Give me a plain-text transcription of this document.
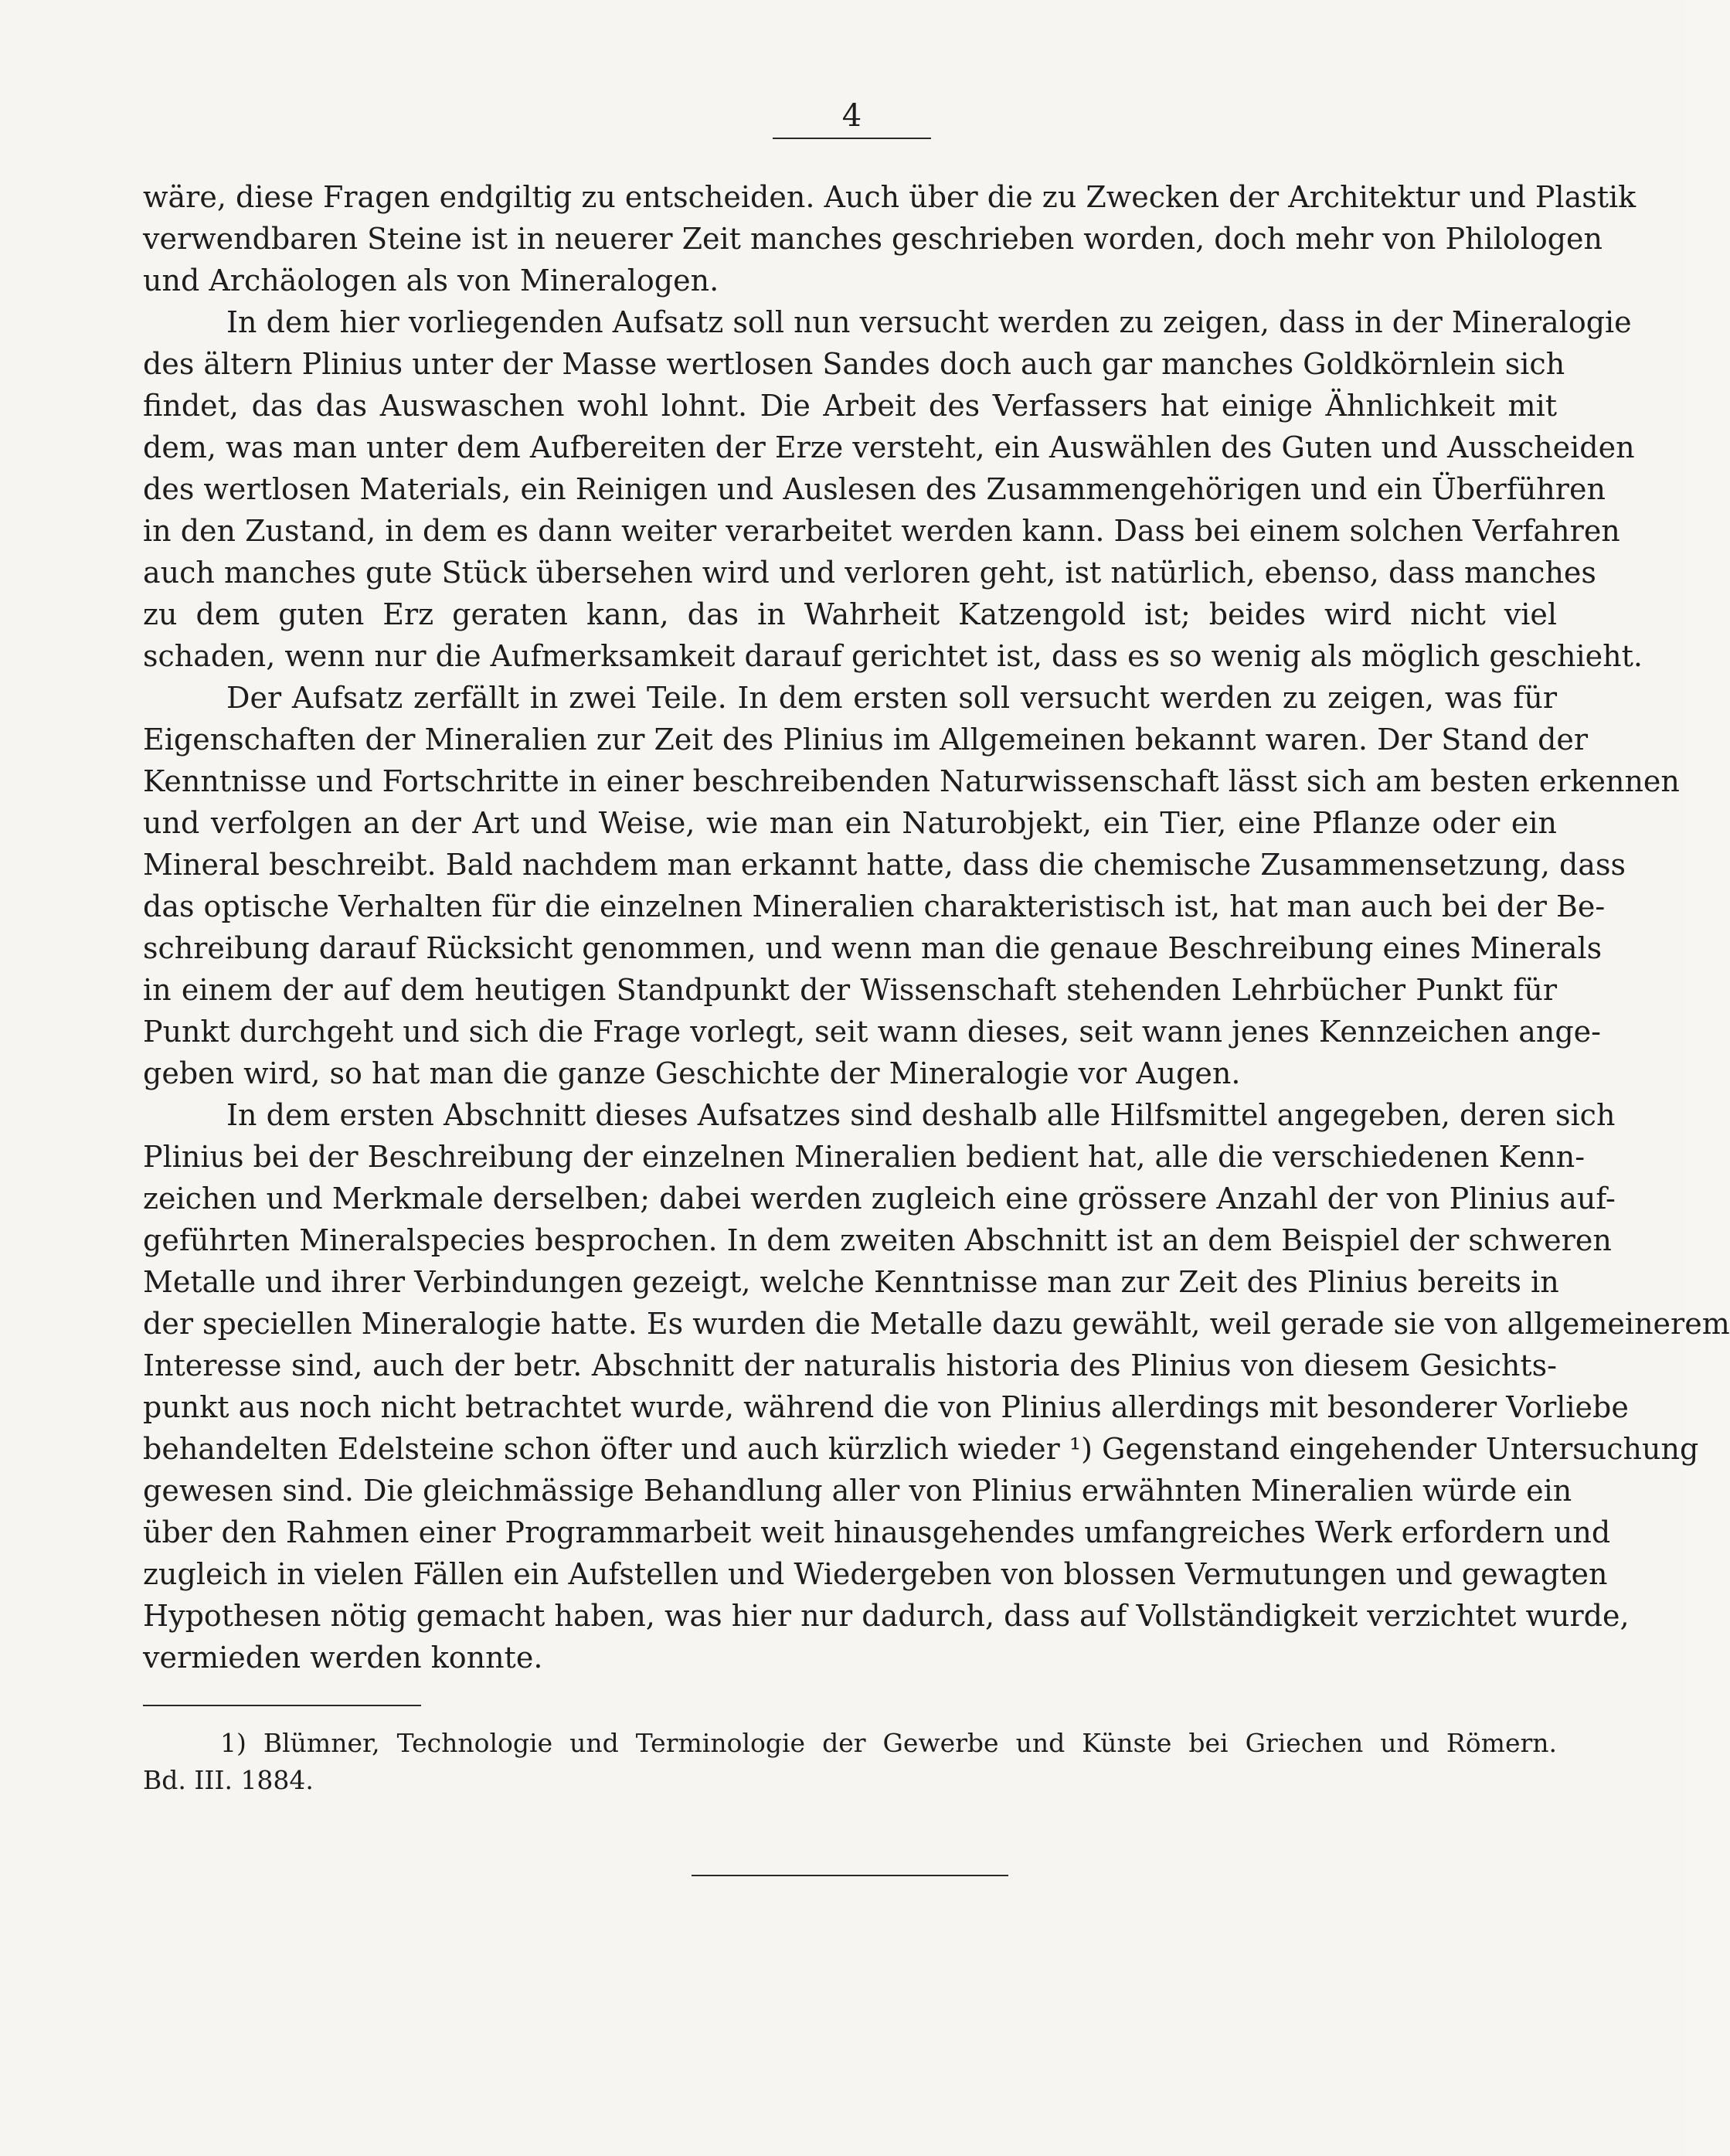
4
wäre, diese Fragen endgiltig zu entscheiden. Auch über die zu Zwecken der Architektur und Plastik
verwendbaren Steine ist in neuerer Zeit manches geschrieben worden, doch mehr von Philologen
und Archäologen als von Mineralogen.
In dem hier vorliegenden Aufsatz soll nun versucht werden zu zeigen, dass in der Mineralogie
des ältern Plinius unter der Masse wertlosen Sandes doch auch gar manches Goldkörnlein sich
findet, das das Auswaschen wohl lohnt. Die Arbeit des Verfassers hat einige Ähnlichkeit mit
dem, was man unter dem Aufbereiten der Erze versteht, ein Auswählen des Guten und Ausscheiden
des wertlosen Materials, ein Reinigen und Auslesen des Zusammengehörigen und ein Überführen
in den Zustand, in dem es dann weiter verarbeitet werden kann. Dass bei einem solchen Verfahren
auch manches gute Stück übersehen wird und verloren geht, ist natürlich, ebenso, dass manches
zu dem guten Erz geraten kann, das in Wahrheit Katzengold ist; beides wird nicht viel
schaden, wenn nur die Aufmerksamkeit darauf gerichtet ist, dass es so wenig als möglich geschieht.
Der Aufsatz zerfällt in zwei Teile. In dem ersten soll versucht werden zu zeigen, was für
Eigenschaften der Mineralien zur Zeit des Plinius im Allgemeinen bekannt waren. Der Stand der
Kenntnisse und Fortschritte in einer beschreibenden Naturwissenschaft lässt sich am besten erkennen
und verfolgen an der Art und Weise, wie man ein Naturobjekt, ein Tier, eine Pflanze oder ein
Mineral beschreibt. Bald nachdem man erkannt hatte, dass die chemische Zusammensetzung, dass
das optische Verhalten für die einzelnen Mineralien charakteristisch ist, hat man auch bei der Be-
schreibung darauf Rücksicht genommen, und wenn man die genaue Beschreibung eines Minerals
in einem der auf dem heutigen Standpunkt der Wissenschaft stehenden Lehrbücher Punkt für
Punkt durchgeht und sich die Frage vorlegt, seit wann dieses, seit wann jenes Kennzeichen ange-
geben wird, so hat man die ganze Geschichte der Mineralogie vor Augen.
In dem ersten Abschnitt dieses Aufsatzes sind deshalb alle Hilfsmittel angegeben, deren sich
Plinius bei der Beschreibung der einzelnen Mineralien bedient hat, alle die verschiedenen Kenn-
zeichen und Merkmale derselben; dabei werden zugleich eine grössere Anzahl der von Plinius auf-
geführten Mineralspecies besprochen. In dem zweiten Abschnitt ist an dem Beispiel der schweren
Metalle und ihrer Verbindungen gezeigt, welche Kenntnisse man zur Zeit des Plinius bereits in
der speciellen Mineralogie hatte. Es wurden die Metalle dazu gewählt, weil gerade sie von allgemeinerem
Interesse sind, auch der betr. Abschnitt der naturalis historia des Plinius von diesem Gesichts-
punkt aus noch nicht betrachtet wurde, während die von Plinius allerdings mit besonderer Vorliebe
behandelten Edelsteine schon öfter und auch kürzlich wieder ¹) Gegenstand eingehender Untersuchung
gewesen sind. Die gleichmässige Behandlung aller von Plinius erwähnten Mineralien würde ein
über den Rahmen einer Programmarbeit weit hinausgehendes umfangreiches Werk erfordern und
zugleich in vielen Fällen ein Aufstellen und Wiedergeben von blossen Vermutungen und gewagten
Hypothesen nötig gemacht haben, was hier nur dadurch, dass auf Vollständigkeit verzichtet wurde,
vermieden werden konnte.
1) Blümner, Technologie und Terminologie der Gewerbe und Künste bei Griechen und Römern.
Bd. III. 1884.
